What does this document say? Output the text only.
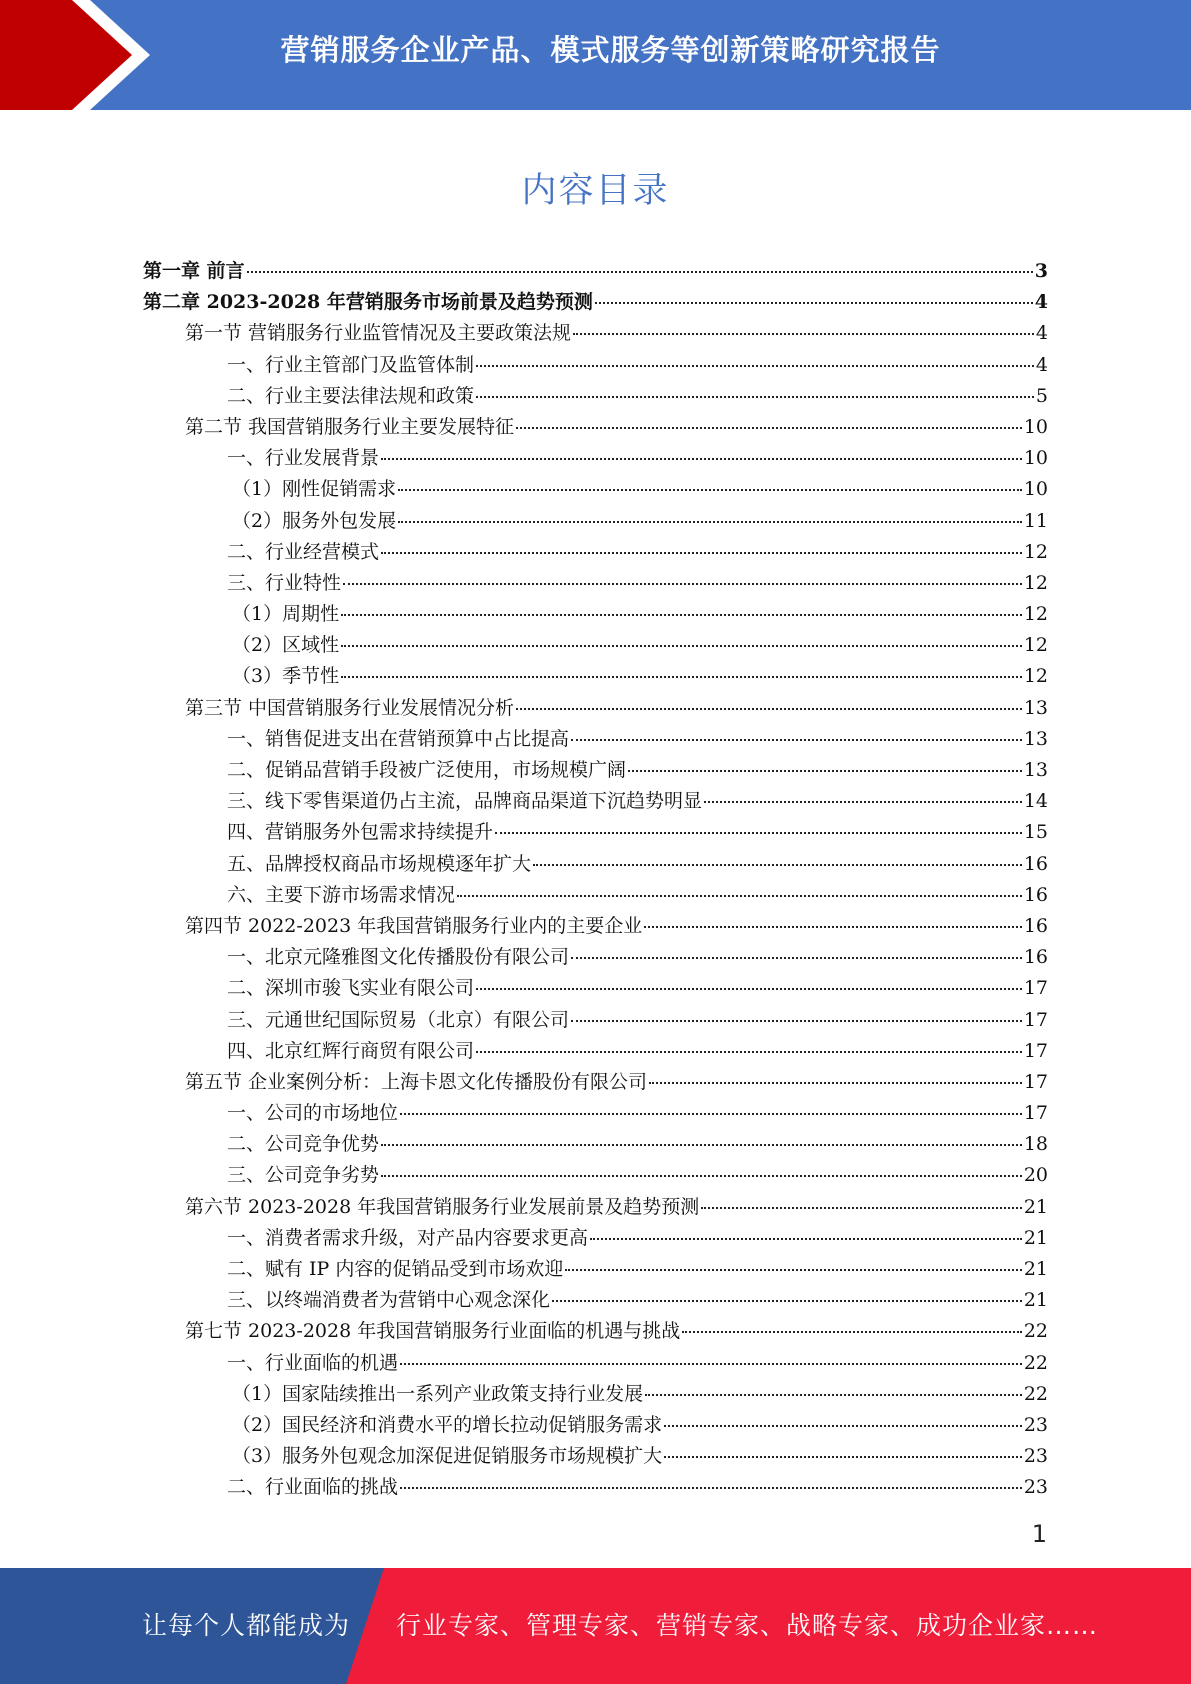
营销服务企业产品、模式服务等创新策略研究报告
内容目录
第一章 前言	3
第二章 2023-2028 年营销服务市场前景及趋势预测	4
第一节 营销服务行业监管情况及主要政策法规	4
一、行业主管部门及监管体制	4
二、行业主要法律法规和政策	5
第二节 我国营销服务行业主要发展特征	10
一、行业发展背景	10
（1）刚性促销需求	10
（2）服务外包发展	11
二、行业经营模式	12
三、行业特性	12
（1）周期性	12
（2）区域性	12
（3）季节性	12
第三节 中国营销服务行业发展情况分析	13
一、销售促进支出在营销预算中占比提高	13
二、促销品营销手段被广泛使用，市场规模广阔	13
三、线下零售渠道仍占主流，品牌商品渠道下沉趋势明显	14
四、营销服务外包需求持续提升	15
五、品牌授权商品市场规模逐年扩大	16
六、主要下游市场需求情况	16
第四节 2022-2023 年我国营销服务行业内的主要企业	16
一、北京元隆雅图文化传播股份有限公司	16
二、深圳市骏飞实业有限公司	17
三、元通世纪国际贸易（北京）有限公司	17
四、北京红辉行商贸有限公司	17
第五节 企业案例分析：上海卡恩文化传播股份有限公司	17
一、公司的市场地位	17
二、公司竞争优势	18
三、公司竞争劣势	20
第六节 2023-2028 年我国营销服务行业发展前景及趋势预测	21
一、消费者需求升级，对产品内容要求更高	21
二、赋有 IP 内容的促销品受到市场欢迎	21
三、以终端消费者为营销中心观念深化	21
第七节 2023-2028 年我国营销服务行业面临的机遇与挑战	22
一、行业面临的机遇	22
（1）国家陆续推出一系列产业政策支持行业发展	22
（2）国民经济和消费水平的增长拉动促销服务需求	23
（3）服务外包观念加深促进促销服务市场规模扩大	23
二、行业面临的挑战	23
1
让每个人都能成为 行业专家、管理专家、营销专家、战略专家、成功企业家……
